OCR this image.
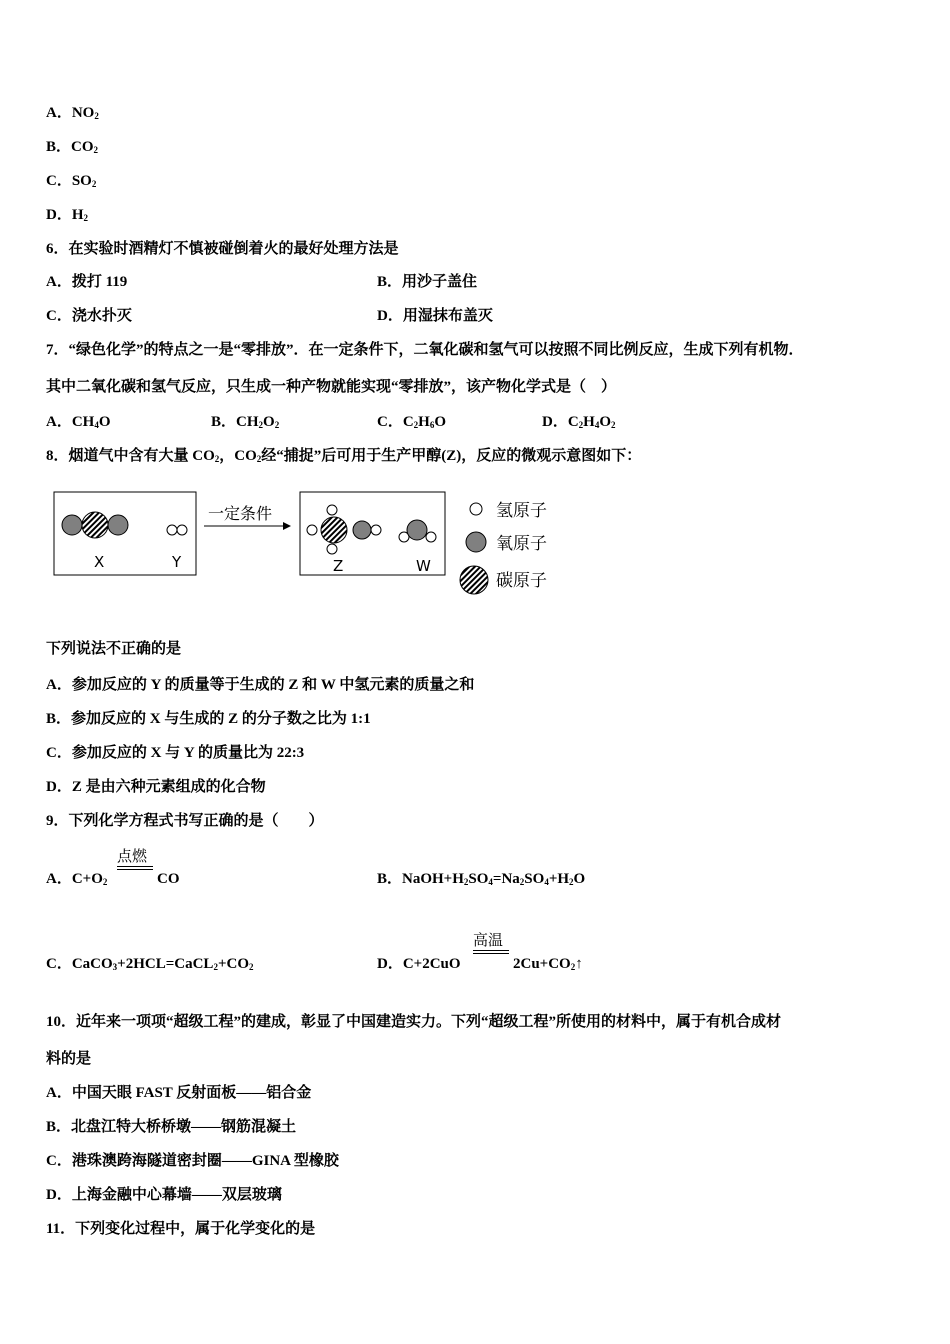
A．$NO_2$
B．$CO_2$
C．$SO_2$
D．$H_2$
6．在实验时酒精灯不慎被碰倒着火的最好处理方法是
A．拨打 119	B．用沙子盖住
C．浇水扑灭	D．用湿抹布盖灭
7．“绿色化学”的特点之一是“零排放”．在一定条件下，二氧化碳和氢气可以按照不同比例反应，生成下列有机物．
其中二氧化碳和氢气反应，只生成一种产物就能实现“零排放”，该产物化学式是（　）
A．$CH_4O$	B．$CH_2O_2$	C．$C_2H_6O$	D．$C_2H_4O_2$
8．烟道气中含有大量 $CO_2$，$CO_2$经“捕捉”后可用于生产甲醇(Z)，反应的微观示意图如下：
X	Y
一定条件
Z	W
氢原子
氧原子
碳原子
下列说法不正确的是
A．参加反应的 Y 的质量等于生成的 Z 和 W 中氢元素的质量之和
B．参加反应的 X 与生成的 Z 的分子数之比为 1:1
C．参加反应的 X 与 Y 的质量比为 22:3
D．Z 是由六种元素组成的化合物
9．下列化学方程式书写正确的是（　　）
A．$C+O_2$
点燃
CO	B．$NaOH+H_2SO_4=Na_2SO_4+H_2O$
C．$CaCO_3+2HCL=CaCL_2+CO_2$	D．C+2CuO
高温
$2Cu+CO_2↑$
10．近年来一项项“超级工程”的建成，彰显了中国建造实力。下列“超级工程”所使用的材料中，属于有机合成材
料的是
A．中国天眼 FAST 反射面板——铝合金
B．北盘江特大桥桥墩——钢筋混凝土
C．港珠澳跨海隧道密封圈——GINA 型橡胶
D．上海金融中心幕墙——双层玻璃
11．下列变化过程中，属于化学变化的是
